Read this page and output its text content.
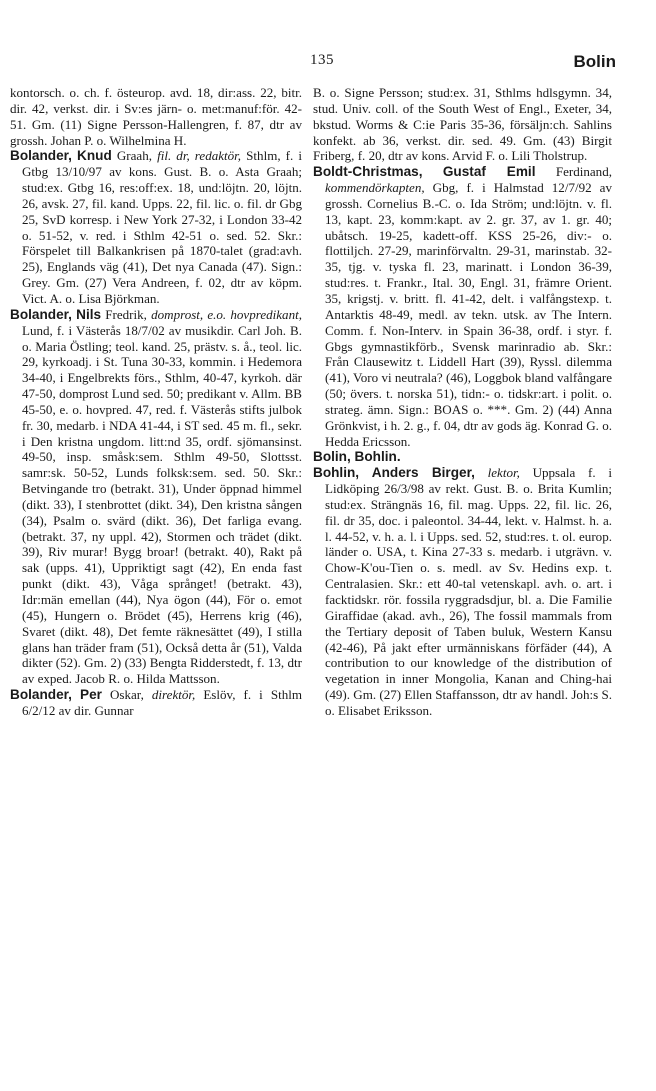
135	Bolin

kontorsch. o. ch. f. östeurop. avd. 18, dir:ass. 22, bitr. dir. 42, verkst. dir. i Sv:es järn- o. met:manuf:för. 42-51. Gm. (11) Signe Persson-Hallengren, f. 87, dtr av grossh. Johan P. o. Wilhelmina H.

Bolander, Knud Graah, fil. dr, redaktör, Sthlm, f. i Gtbg 13/10/97 av kons. Gust. B. o. Asta Graah; stud:ex. Gtbg 16, res:off:ex. 18, und:löjtn. 20, löjtn. 26, avsk. 27, fil. kand. Upps. 22, fil. lic. o. fil. dr Gbg 25, SvD korresp. i New York 27-32, i London 33-42 o. 51-52, v. red. i Sthlm 42-51 o. sed. 52. Skr.: Förspelet till Balkankrisen på 1870-talet (grad:avh. 25), Englands väg (41), Det nya Canada (47). Sign.: Grey. Gm. (27) Vera Andreen, f. 02, dtr av köpm. Vict. A. o. Lisa Björkman.

Bolander, Nils Fredrik, domprost, e.o. hovpredikant, Lund, f. i Västerås 18/7/02 av musikdir. Carl Joh. B. o. Maria Östling; teol. kand. 25, prästv. s. å., teol. lic. 29, kyrkoadj. i St. Tuna 30-33, kommin. i Hedemora 34-40, i Engelbrekts förs., Sthlm, 40-47, kyrkoh. där 47-50, domprost Lund sed. 50; predikant v. Allm. BB 45-50, e. o. hovpred. 47, red. f. Västerås stifts julbok fr. 30, medarb. i NDA 41-44, i ST sed. 45 m. fl., sekr. i Den kristna ungdom. litt:nd 35, ordf. sjömansinst. 49-50, insp. småsk:sem. Sthlm 49-50, Slottsst. samr:sk. 50-52, Lunds folksk:sem. sed. 50. Skr.: Betvingande tro (betrakt. 31), Under öppnad himmel (dikt. 33), I stenbrottet (dikt. 34), Den kristna sången (34), Psalm o. svärd (dikt. 36), Det farliga evang. (betrakt. 37, ny uppl. 42), Stormen och trädet (dikt. 39), Riv murar! Bygg broar! (betrakt. 40), Rakt på sak (upps. 41), Uppriktigt sagt (42), En enda fast punkt (dikt. 43), Våga språnget! (betrakt. 43), Idr:män emellan (44), Nya ögon (44), För o. emot (45), Hungern o. Brödet (45), Herrens krig (46), Svaret (dikt. 48), Det femte räknesättet (49), I stilla glans han träder fram (51), Också detta år (51), Valda dikter (52). Gm. 2) (33) Bengta Ridderstedt, f. 13, dtr av exped. Jacob R. o. Hilda Mattsson.

Bolander, Per Oskar, direktör, Eslöv, f. i Sthlm 6/2/12 av dir. Gunnar

B. o. Signe Persson; stud:ex. 31, Sthlms hdlsgymn. 34, stud. Univ. coll. of the South West of Engl., Exeter, 34, bkstud. Worms & C:ie Paris 35-36, försäljn:ch. Sahlins konfekt. ab 36, verkst. dir. sed. 49. Gm. (43) Birgit Friberg, f. 20, dtr av kons. Arvid F. o. Lili Tholstrup.

Boldt-Christmas, Gustaf Emil Ferdinand, kommendörkapten, Gbg, f. i Halmstad 12/7/92 av grossh. Cornelius B.-C. o. Ida Ström; und:löjtn. v. fl. 13, kapt. 23, komm:kapt. av 2. gr. 37, av 1. gr. 40; ubåtsch. 19-25, kadett-off. KSS 25-26, div:- o. flottiljch. 27-29, marinförvaltn. 29-31, marinstab. 32-35, tjg. v. tyska fl. 23, marinatt. i London 36-39, stud:res. t. Frankr., Ital. 30, Engl. 31, främre Orient. 35, krigstj. v. britt. fl. 41-42, delt. i valfångstexp. t. Antarktis 48-49, medl. av tekn. utsk. av The Intern. Comm. f. Non-Interv. in Spain 36-38, ordf. i styr. f. Gbgs gymnastikförb., Svensk marinradio ab. Skr.: Från Clausewitz t. Liddell Hart (39), Ryssl. dilemma (41), Voro vi neutrala? (46), Loggbok bland valfångare (50; övers. t. norska 51), tidn:- o. tidskr:art. i polit. o. strateg. ämn. Sign.: BOAS o. ***. Gm. 2) (44) Anna Grönkvist, i h. 2. g., f. 04, dtr av gods äg. Konrad G. o. Hedda Ericsson.

Bolin, Bohlin.

Bohlin, Anders Birger, lektor, Uppsala f. i Lidköping 26/3/98 av rekt. Gust. B. o. Brita Kumlin; stud:ex. Strängnäs 16, fil. mag. Upps. 22, fil. lic. 26, fil. dr 35, doc. i paleontol. 34-44, lekt. v. Halmst. h. a. l. 44-52, v. h. a. l. i Upps. sed. 52, stud:res. t. ol. europ. länder o. USA, t. Kina 27-33 s. medarb. i utgrävn. v. Chow-K'ou-Tien o. s. medl. av Sv. Hedins exp. t. Centralasien. Skr.: ett 40-tal vetenskapl. avh. o. art. i facktidskr. rör. fossila ryggradsdjur, bl. a. Die Familie Giraffidae (akad. avh., 26), The fossil mammals from the Tertiary deposit of Taben buluk, Western Kansu (42-46), På jakt efter urmänniskans förfäder (44), A contribution to our knowledge of the distribution of vegetation in inner Mongolia, Kanan and Ching-hai (49). Gm. (27) Ellen Staffansson, dtr av handl. Joh:s S. o. Elisabet Eriksson.
